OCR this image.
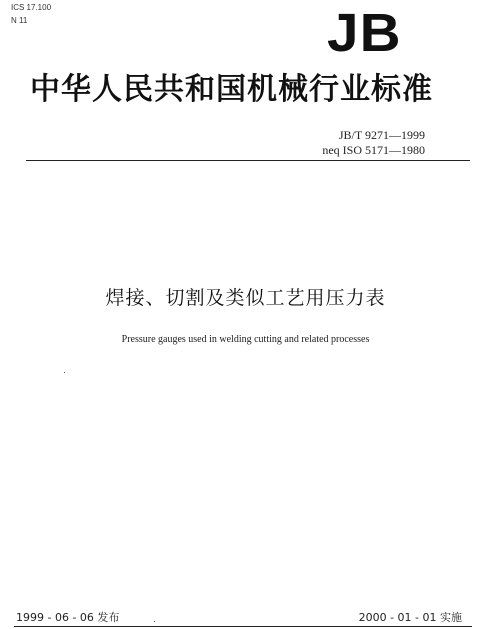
ICS 17.100
N 11	JB
中华人民共和国机械行业标准
JB/T 9271—1999
neq ISO 5171—1980
焊接、切割及类似工艺用压力表
Pressure gauges used in welding cutting and related processes
1999 - 06 - 06 发布	2000 - 01 - 01 实施
